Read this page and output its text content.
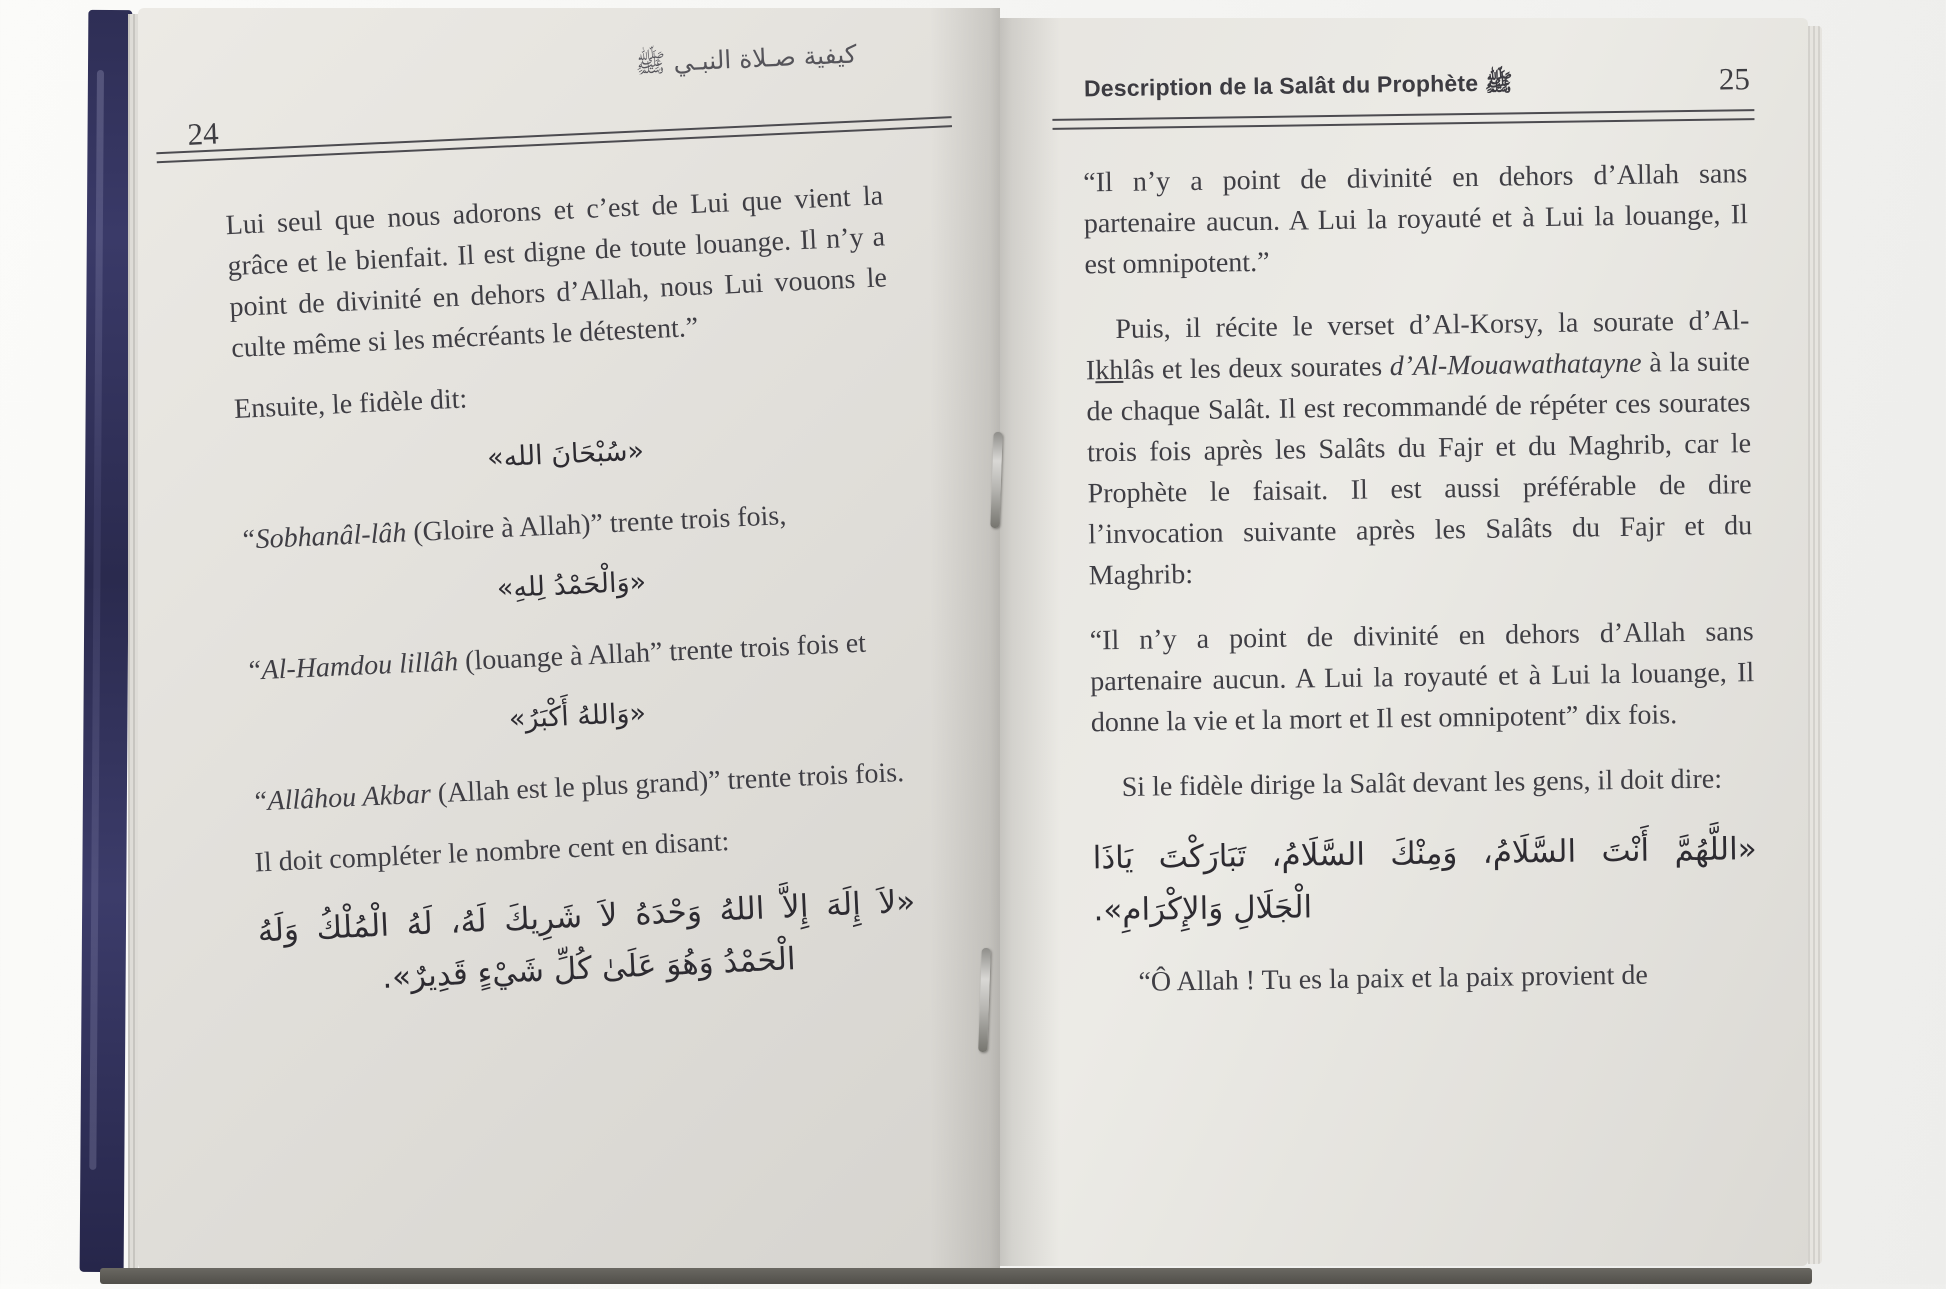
24
كيفية صـلاة النبـي ﷺ

Lui seul que nous adorons et c’est de Lui que vient la grâce et le bienfait. Il est digne de toute louange. Il n’y a point de divinité en dehors d’Allah, nous Lui vouons le culte même si les mécréants le détestent.”

Ensuite, le fidèle dit:

«سُبْحَانَ الله»

“Sobhanâl-lâh (Gloire à Allah)” trente trois fois,

«وَالْحَمْدُ لِلهِ»

“Al-Hamdou lillâh (louange à Allah” trente trois fois et

«وَاللهُ أَكْبَرُ»

“Allâhou Akbar (Allah est le plus grand)” trente trois fois.

Il doit compléter le nombre cent en disant:

«لاَ إِلَهَ إِلاَّ اللهُ وَحْدَهُ لاَ شَرِيكَ لَهُ، لَهُ الْمُلْكُ وَلَهُ
الْحَمْدُ وَهُوَ عَلَىٰ كُلِّ شَيْءٍ قَدِيرٌ».
Description de la Salât du Prophète ﷺ	25

“Il n’y a point de divinité en dehors d’Allah sans partenaire aucun. A Lui la royauté et à Lui la louange, Il est omnipotent.”

Puis, il récite le verset d’Al-Korsy, la sourate d’Al-Ikhlâs et les deux sourates d’Al-Mouawathatayne à la suite de chaque Salât. Il est recommandé de répéter ces sourates trois fois après les Salâts du Fajr et du Maghrib, car le Prophète le faisait. Il est aussi préférable de dire l’invocation suivante après les Salâts du Fajr et du Maghrib:

“Il n’y a point de divinité en dehors d’Allah sans partenaire aucun. A Lui la royauté et à Lui la louange, Il donne la vie et la mort et Il est omnipotent” dix fois.

Si le fidèle dirige la Salât devant les gens, il doit dire:

«اللَّهُمَّ أَنْتَ السَّلَامُ، وَمِنْكَ السَّلَامُ، تَبَارَكْتَ يَاذَا
الْجَلَالِ وَالإِكْرَامِ».

“Ô Allah ! Tu es la paix et la paix provient de
